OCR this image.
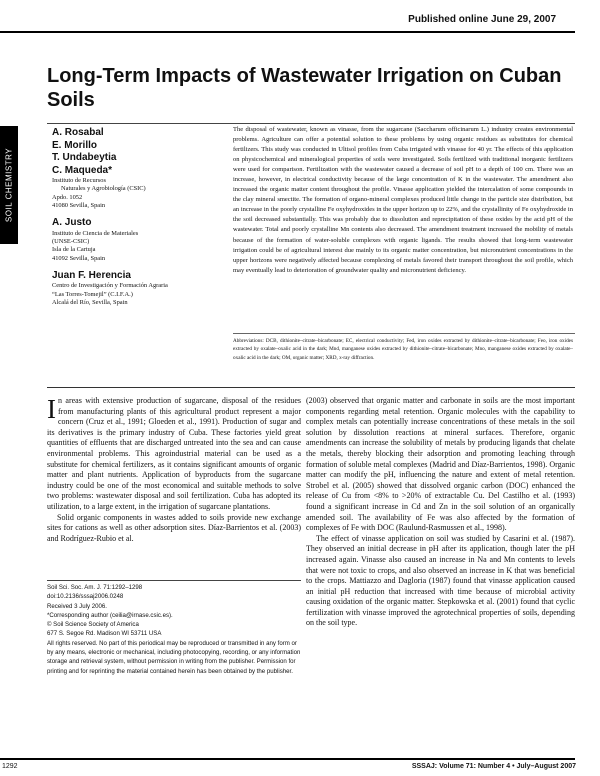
Published online June 29, 2007
Long-Term Impacts of Wastewater Irrigation on Cuban Soils
SOIL CHEMISTRY
A. Rosabal
E. Morillo
T. Undabeytia
C. Maqueda*
Instituto de Recursos
Naturales y Agrobiología (CSIC)
Apdo. 1052
41080 Sevilla, Spain
A. Justo
Instituto de Ciencia de Materiales
(UNSE-CSIC)
Isla de la Cartuja
41092 Sevilla, Spain
Juan F. Herencia
Centro de Investigación y Formación Agraria
“Las Torres-Tomejil” (C.I.F.A.)
Alcalá del Río, Sevilla, Spain
The disposal of wastewater, known as vinasse, from the sugarcane (Saccharum officinarum L.) industry creates environmental problems. Agriculture can offer a potential solution to these problems by using organic residues as substitutes for chemical fertilizers. This study was conducted in Ultisol profiles from Cuba irrigated with vinasse for 40 yr. The effects of this application on physicochemical and mineralogical properties of soils were investigated. Soils fertilized with traditional inorganic fertilizers were used for comparison. Fertilization with the wastewater caused a decrease of soil pH to a depth of 100 cm. There was an increase, however, in electrical conductivity because of the large concentration of K in the wastewater. The amendment also increased the organic matter content throughout the profile. Vinasse application yielded the intercalation of some compounds in the clay mineral smectite. The formation of organo-mineral complexes produced little change in the particle size distribution, but an increase in the poorly crystalline Fe oxyhydroxides in the upper horizon up to 22%, and the crystallinity of Fe oxyhydroxide in the soil decreased substantially. This was probably due to dissolution and reprecipitation of these oxides by the acid pH of the wastewater. Total and poorly crystalline Mn contents also decreased. The amendment treatment increased the mobility of metals because of the formation of water-soluble complexes with organic ligands. The results showed that long-term wastewater irrigation could be of agricultural interest due mainly to its organic matter concentration, but micronutrient concentrations in the upper horizons were negatively affected because complexing of metals favored their transport throughout the soil profile, which may eventually lead to deterioration of groundwater quality and micronutrient deficiency.
Abbreviations: DCB, dithionite–citrate–bicarbonate; EC, electrical conductivity; Fed, iron oxides extracted by dithionite–citrate–bicarbonate; Feo, iron oxides extracted by oxalate–oxalic acid in the dark; Mnd, manganese oxides extracted by dithionite–citrate–bicarbonate; Mno, manganese oxides extracted by oxalate–oxalic acid in the dark; OM, organic matter; XRD, x-ray diffraction.

In areas with extensive production of sugarcane, disposal of the residues from manufacturing plants of this agricultural product represent a major concern (Cruz et al., 1991; Gloeden et al., 1991). Production of sugar and its derivatives is the primary industry of Cuba. These factories yield great quantities of effluents that are discharged untreated into the sea and can cause environmental problems. This agroindustrial material can be used as a substitute for chemical fertilizers, as it contains significant amounts of organic matter and plant nutrients. Application of byproducts from the sugarcane industry could be one of the most economical and suitable methods to solve two problems: wastewater disposal and soil fertilization. Cuba has adopted its utilization, to a large extent, in the irrigation of sugarcane plantations.

Solid organic components in wastes added to soils provide new exchange sites for cations as well as other adsorption sites. Díaz-Barrientos et al. (2003) and Rodríguez-Rubio et al.

Soil Sci. Soc. Am. J. 71:1292–1298
doi:10.2136/sssaj2006.0248
Received 3 July 2006.
*Corresponding author (ceilia@irnase.csic.es).
© Soil Science Society of America
677 S. Segoe Rd. Madison WI 53711 USA
All rights reserved. No part of this periodical may be reproduced or transmitted in any form or by any means, electronic or mechanical, including photocopying, recording, or any information storage and retrieval system, without permission in writing from the publisher. Permission for printing and for reprinting the material contained herein has been obtained by the publisher.

(2003) observed that organic matter and carbonate in soils are the most important components regarding metal retention. Organic molecules with the capability to complex metals can potentially increase concentrations of these metals in the soil solution by dissolution reactions at mineral surfaces. Therefore, organic amendments can increase the solubility of metals by producing ligands that chelate the metals, thereby blocking their adsorption and promoting leaching through formation of soluble metal complexes (Madrid and Díaz-Barrientos, 1998). Organic matter can modify the pH, influencing the nature and extent of metal retention. Strobel et al. (2005) showed that dissolved organic carbon (DOC) enhanced the release of Cu from <8% to >20% of extractable Cu. Del Castilho et al. (1993) found a significant increase in Cd and Zn in the soil solution of an organically amended soil. The availability of Fe was also affected by the formation of complexes of Fe with DOC (Raulund-Rasmussen et al., 1998).

The effect of vinasse application on soil was studied by Casarini et al. (1987). They observed an initial decrease in pH after its application, though later the pH increased again. Vinasse also caused an increase in Na and Mn contents to levels that were not toxic to crops, and also observed an increase in K that was beneficial to the crops. Mattiazzo and Dagloria (1987) found that vinasse application caused an initial pH reduction that increased with time because of microbial activity causing oxidation of the organic matter. Stepkowska et al. (2001) found that cyclic fertilization with vinasse improved the agrotechnical properties of soils, depending on the soil type.

1292	SSSAJ: Volume 71: Number 4 • July–August 2007
